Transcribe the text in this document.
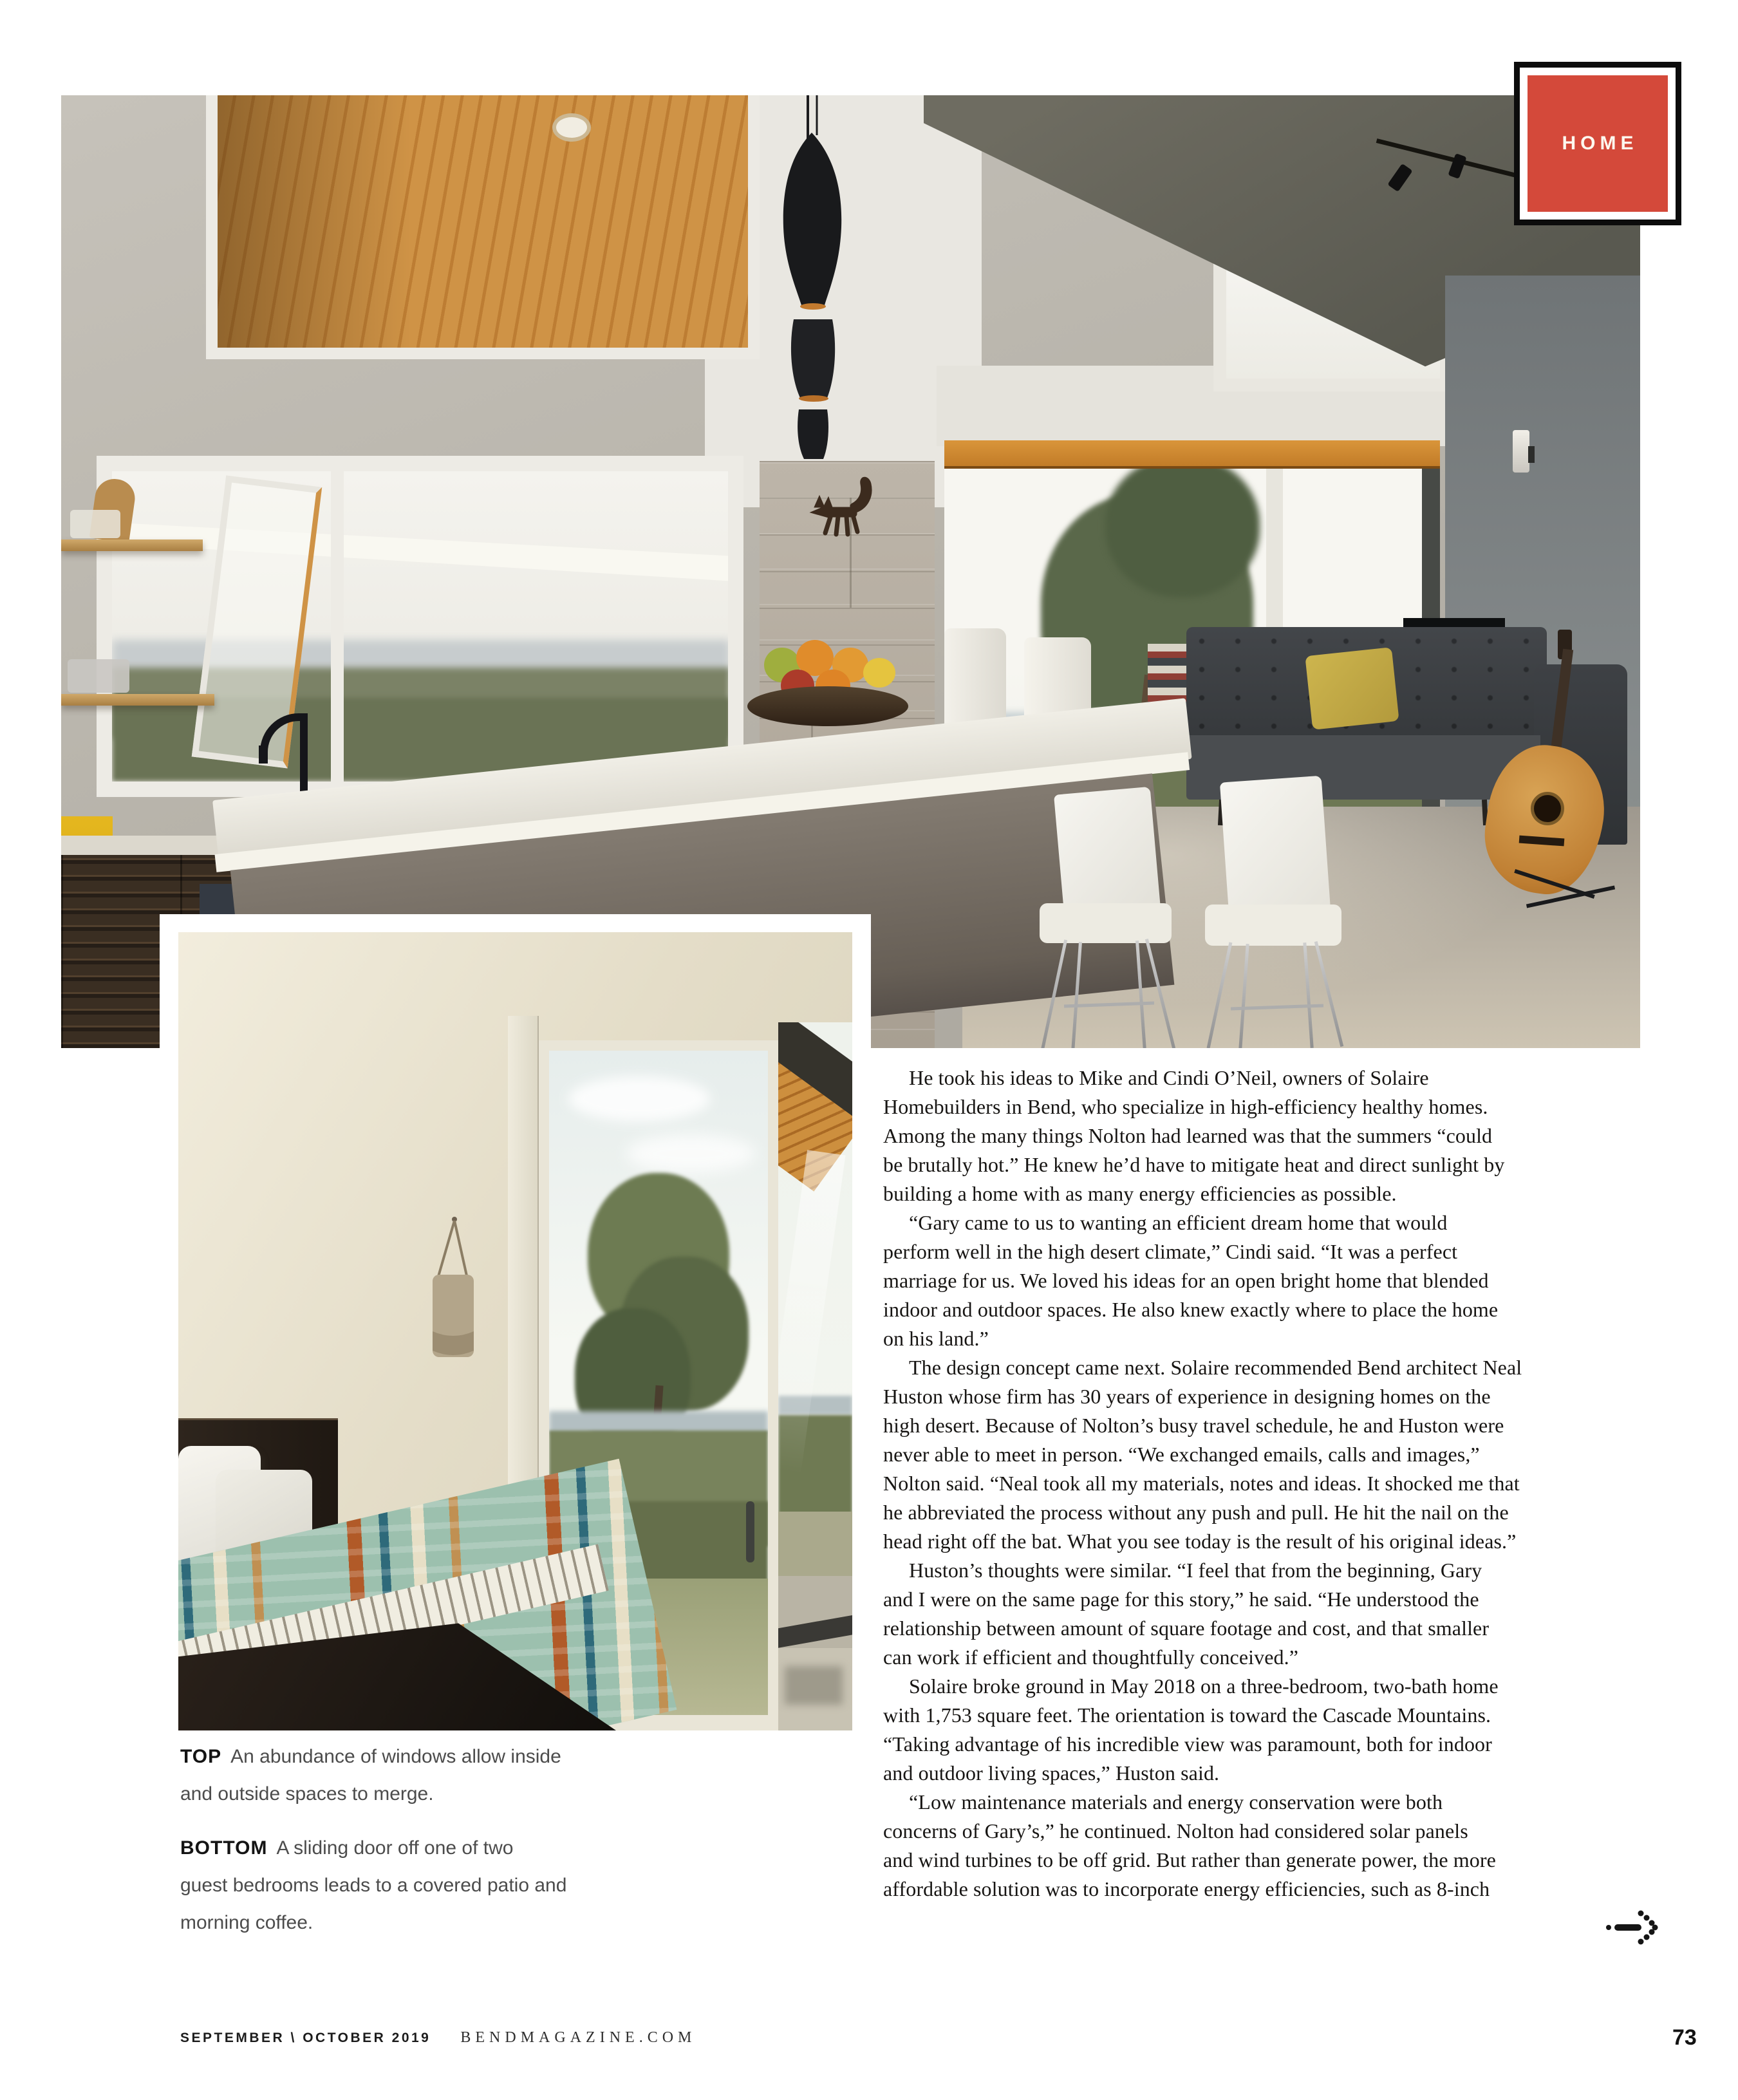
HOME
He took his ideas to Mike and Cindi O’Neil, owners of Solaire
Homebuilders in Bend, who specialize in high-efficiency healthy homes.
Among the many things Nolton had learned was that the summers “could
be brutally hot.” He knew he’d have to mitigate heat and direct sunlight by
building a home with as many energy efficiencies as possible.
“Gary came to us to wanting an efficient dream home that would
perform well in the high desert climate,” Cindi said. “It was a perfect
marriage for us. We loved his ideas for an open bright home that blended
indoor and outdoor spaces. He also knew exactly where to place the home
on his land.”
The design concept came next. Solaire recommended Bend architect Neal
Huston whose firm has 30 years of experience in designing homes on the
high desert. Because of Nolton’s busy travel schedule, he and Huston were
never able to meet in person. “We exchanged emails, calls and images,”
Nolton said. “Neal took all my materials, notes and ideas. It shocked me that
he abbreviated the process without any push and pull. He hit the nail on the
head right off the bat. What you see today is the result of his original ideas.”
Huston’s thoughts were similar. “I feel that from the beginning, Gary
and I were on the same page for this story,” he said. “He understood the
relationship between amount of square footage and cost, and that smaller
can work if efficient and thoughtfully conceived.”
Solaire broke ground in May 2018 on a three-bedroom, two-bath home
with 1,753 square feet. The orientation is toward the Cascade Mountains.
“Taking advantage of his incredible view was paramount, both for indoor
and outdoor living spaces,” Huston said.
“Low maintenance materials and energy conservation were both
concerns of Gary’s,” he continued. Nolton had considered solar panels
and wind turbines to be off grid. But rather than generate power, the more
affordable solution was to incorporate energy efficiencies, such as 8-inch
TOP An abundance of windows allow inside
and outside spaces to merge.
BOTTOM A sliding door off one of two
guest bedrooms leads to a covered patio and
morning coffee.
SEPTEMBER \ OCTOBER 2019 BENDMAGAZINE.COM	73
